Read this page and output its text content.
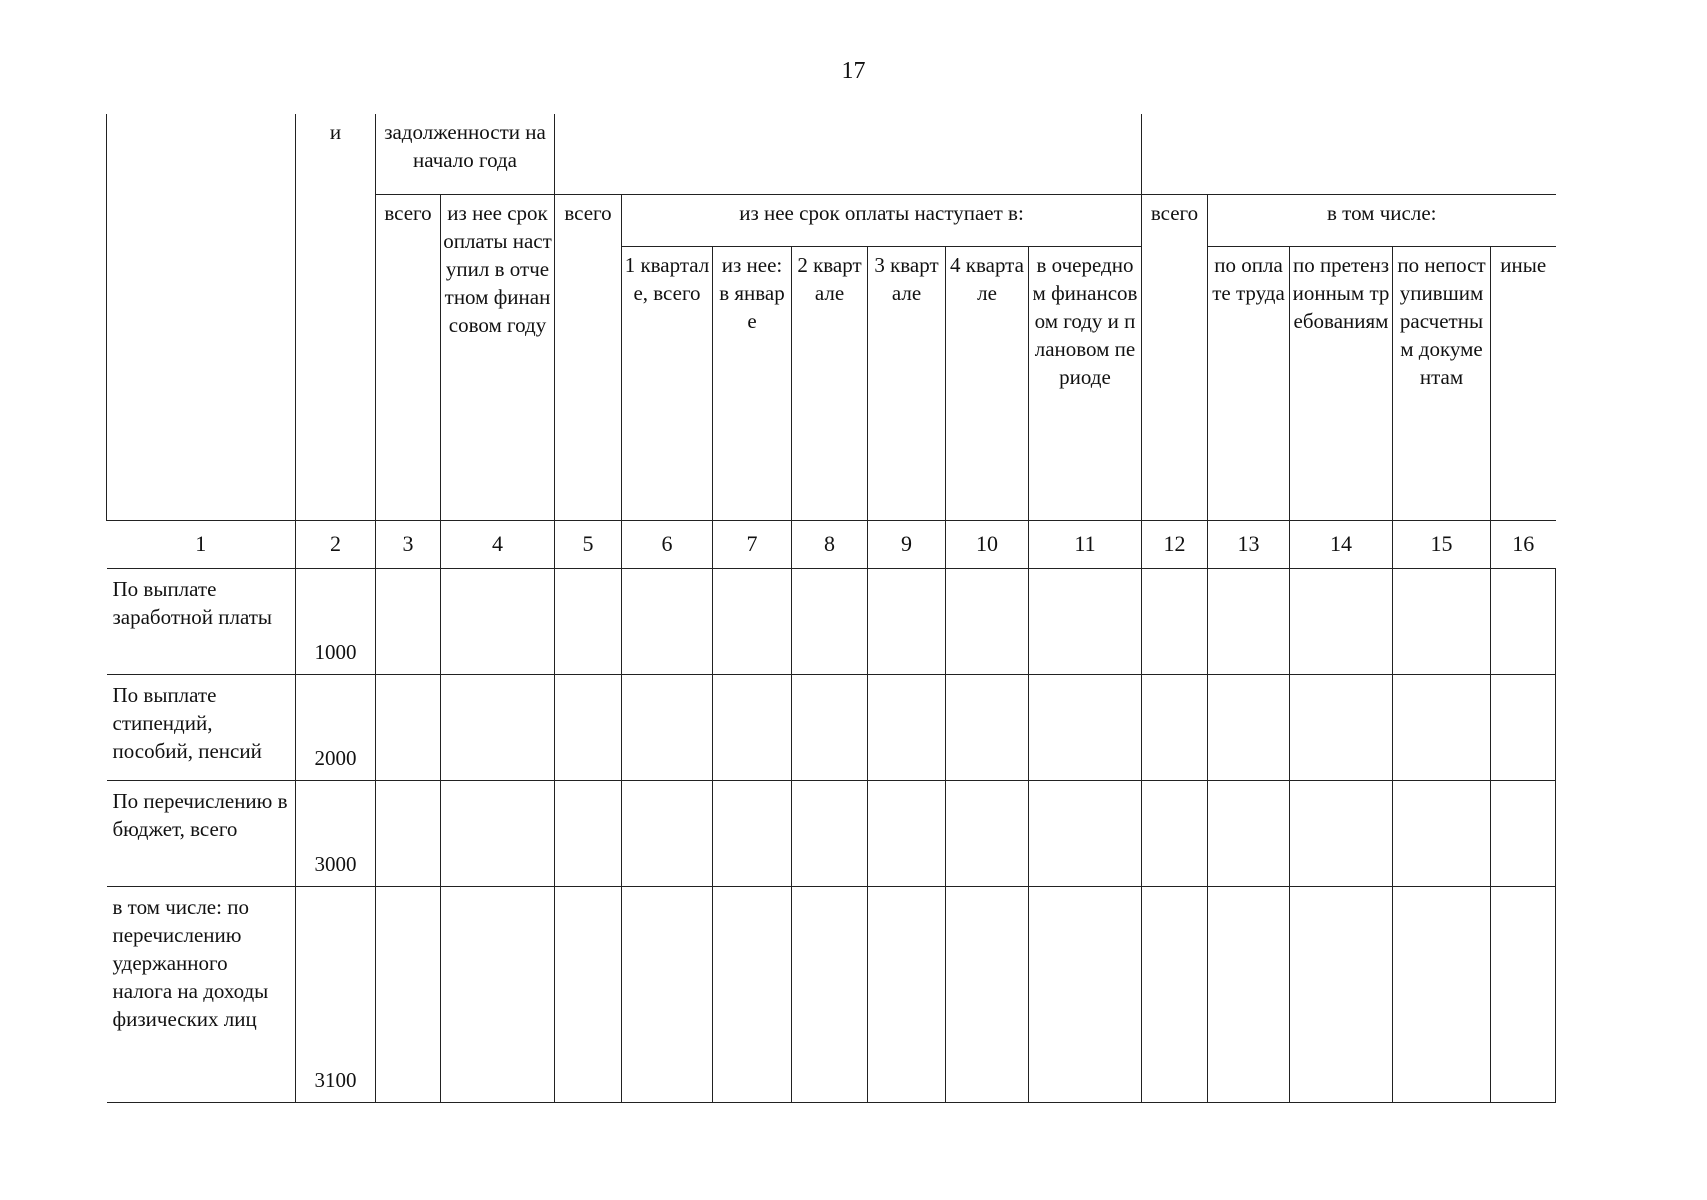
17
	и	задолженности на начало года													
		всего	из нее срок оплаты наступил в отчетном финансовом году	всего	из нее срок оплаты наступает в:						всего	в том числе:			
					1 квартале, всего	из нее: в январе	2 квартале	3 квартале	4 квартале	в очередном финансовом году и плановом периоде		по оплате труда	по претензионным требованиям	по непоступившим расчетным документам	иные
1	2	3	4	5	6	7	8	9	10	11	12	13	14	15	16
По выплате заработной платы	1000														
По выплате стипендий, пособий, пенсий	2000														
По перечислению в бюджет, всего	3000														
в том числе: по перечислению удержанного налога на доходы физических лиц	3100														
